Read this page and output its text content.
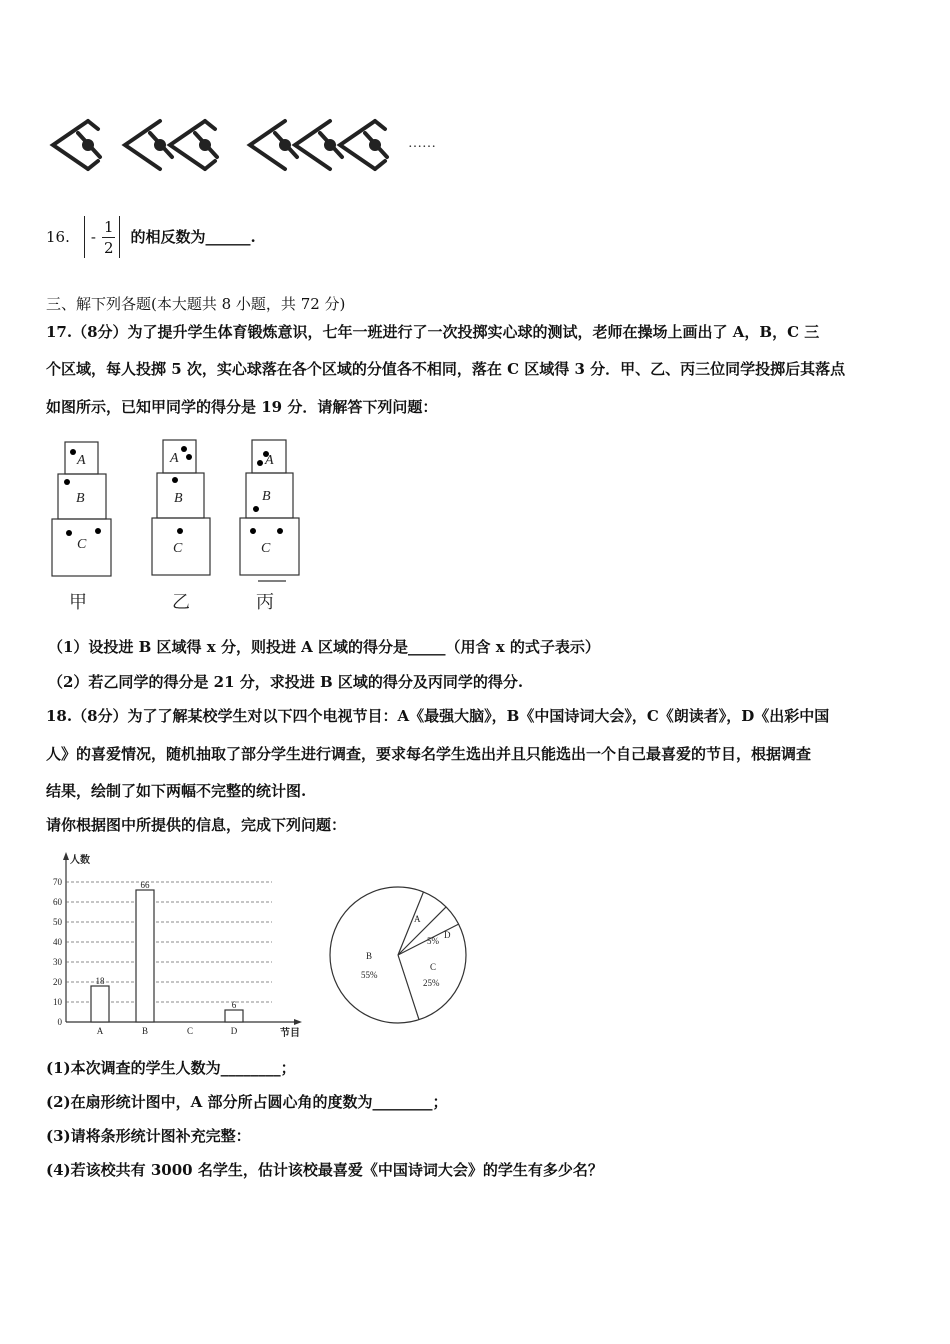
……
16. - $\frac{1}{2}$ 的相反数为______.
三、解下列各题(本大题共 8 小题，共 72 分)
17.（8分）为了提升学生体育锻炼意识，七年一班进行了一次投掷实心球的测试，老师在操场上画出了 A，B，C 三
个区域，每人投掷 5 次，实心球落在各个区域的分值各不相同，落在 C 区域得 3 分．甲、乙、丙三位同学投掷后其落点
如图所示，已知甲同学的得分是 19 分．请解答下列问题：
A
B
C
A
B
C
A
B
C
甲	乙	丙
（1）设投进 B 区域得 x 分，则投进 A 区域的得分是_____（用含 x 的式子表示）
（2）若乙同学的得分是 21 分，求投进 B 区域的得分及丙同学的得分.
18.（8分）为了了解某校学生对以下四个电视节目：A《最强大脑》，B《中国诗词大会》，C《朗读者》，D《出彩中国
人》的喜爱情况，随机抽取了部分学生进行调查，要求每名学生选出并且只能选出一个自己最喜爱的节目，根据调查
结果，绘制了如下两幅不完整的统计图.
请你根据图中所提供的信息，完成下列问题：
人数
节目
0
10
20
30
40
50
60
70
A
18
B
66
C	D
6
A
D
5%
C
25%
B
55%
(1)本次调查的学生人数为________；
(2)在扇形统计图中，A 部分所占圆心角的度数为________；
(3)请将条形统计图补充完整：
(4)若该校共有 3000 名学生，估计该校最喜爱《中国诗词大会》的学生有多少名？
